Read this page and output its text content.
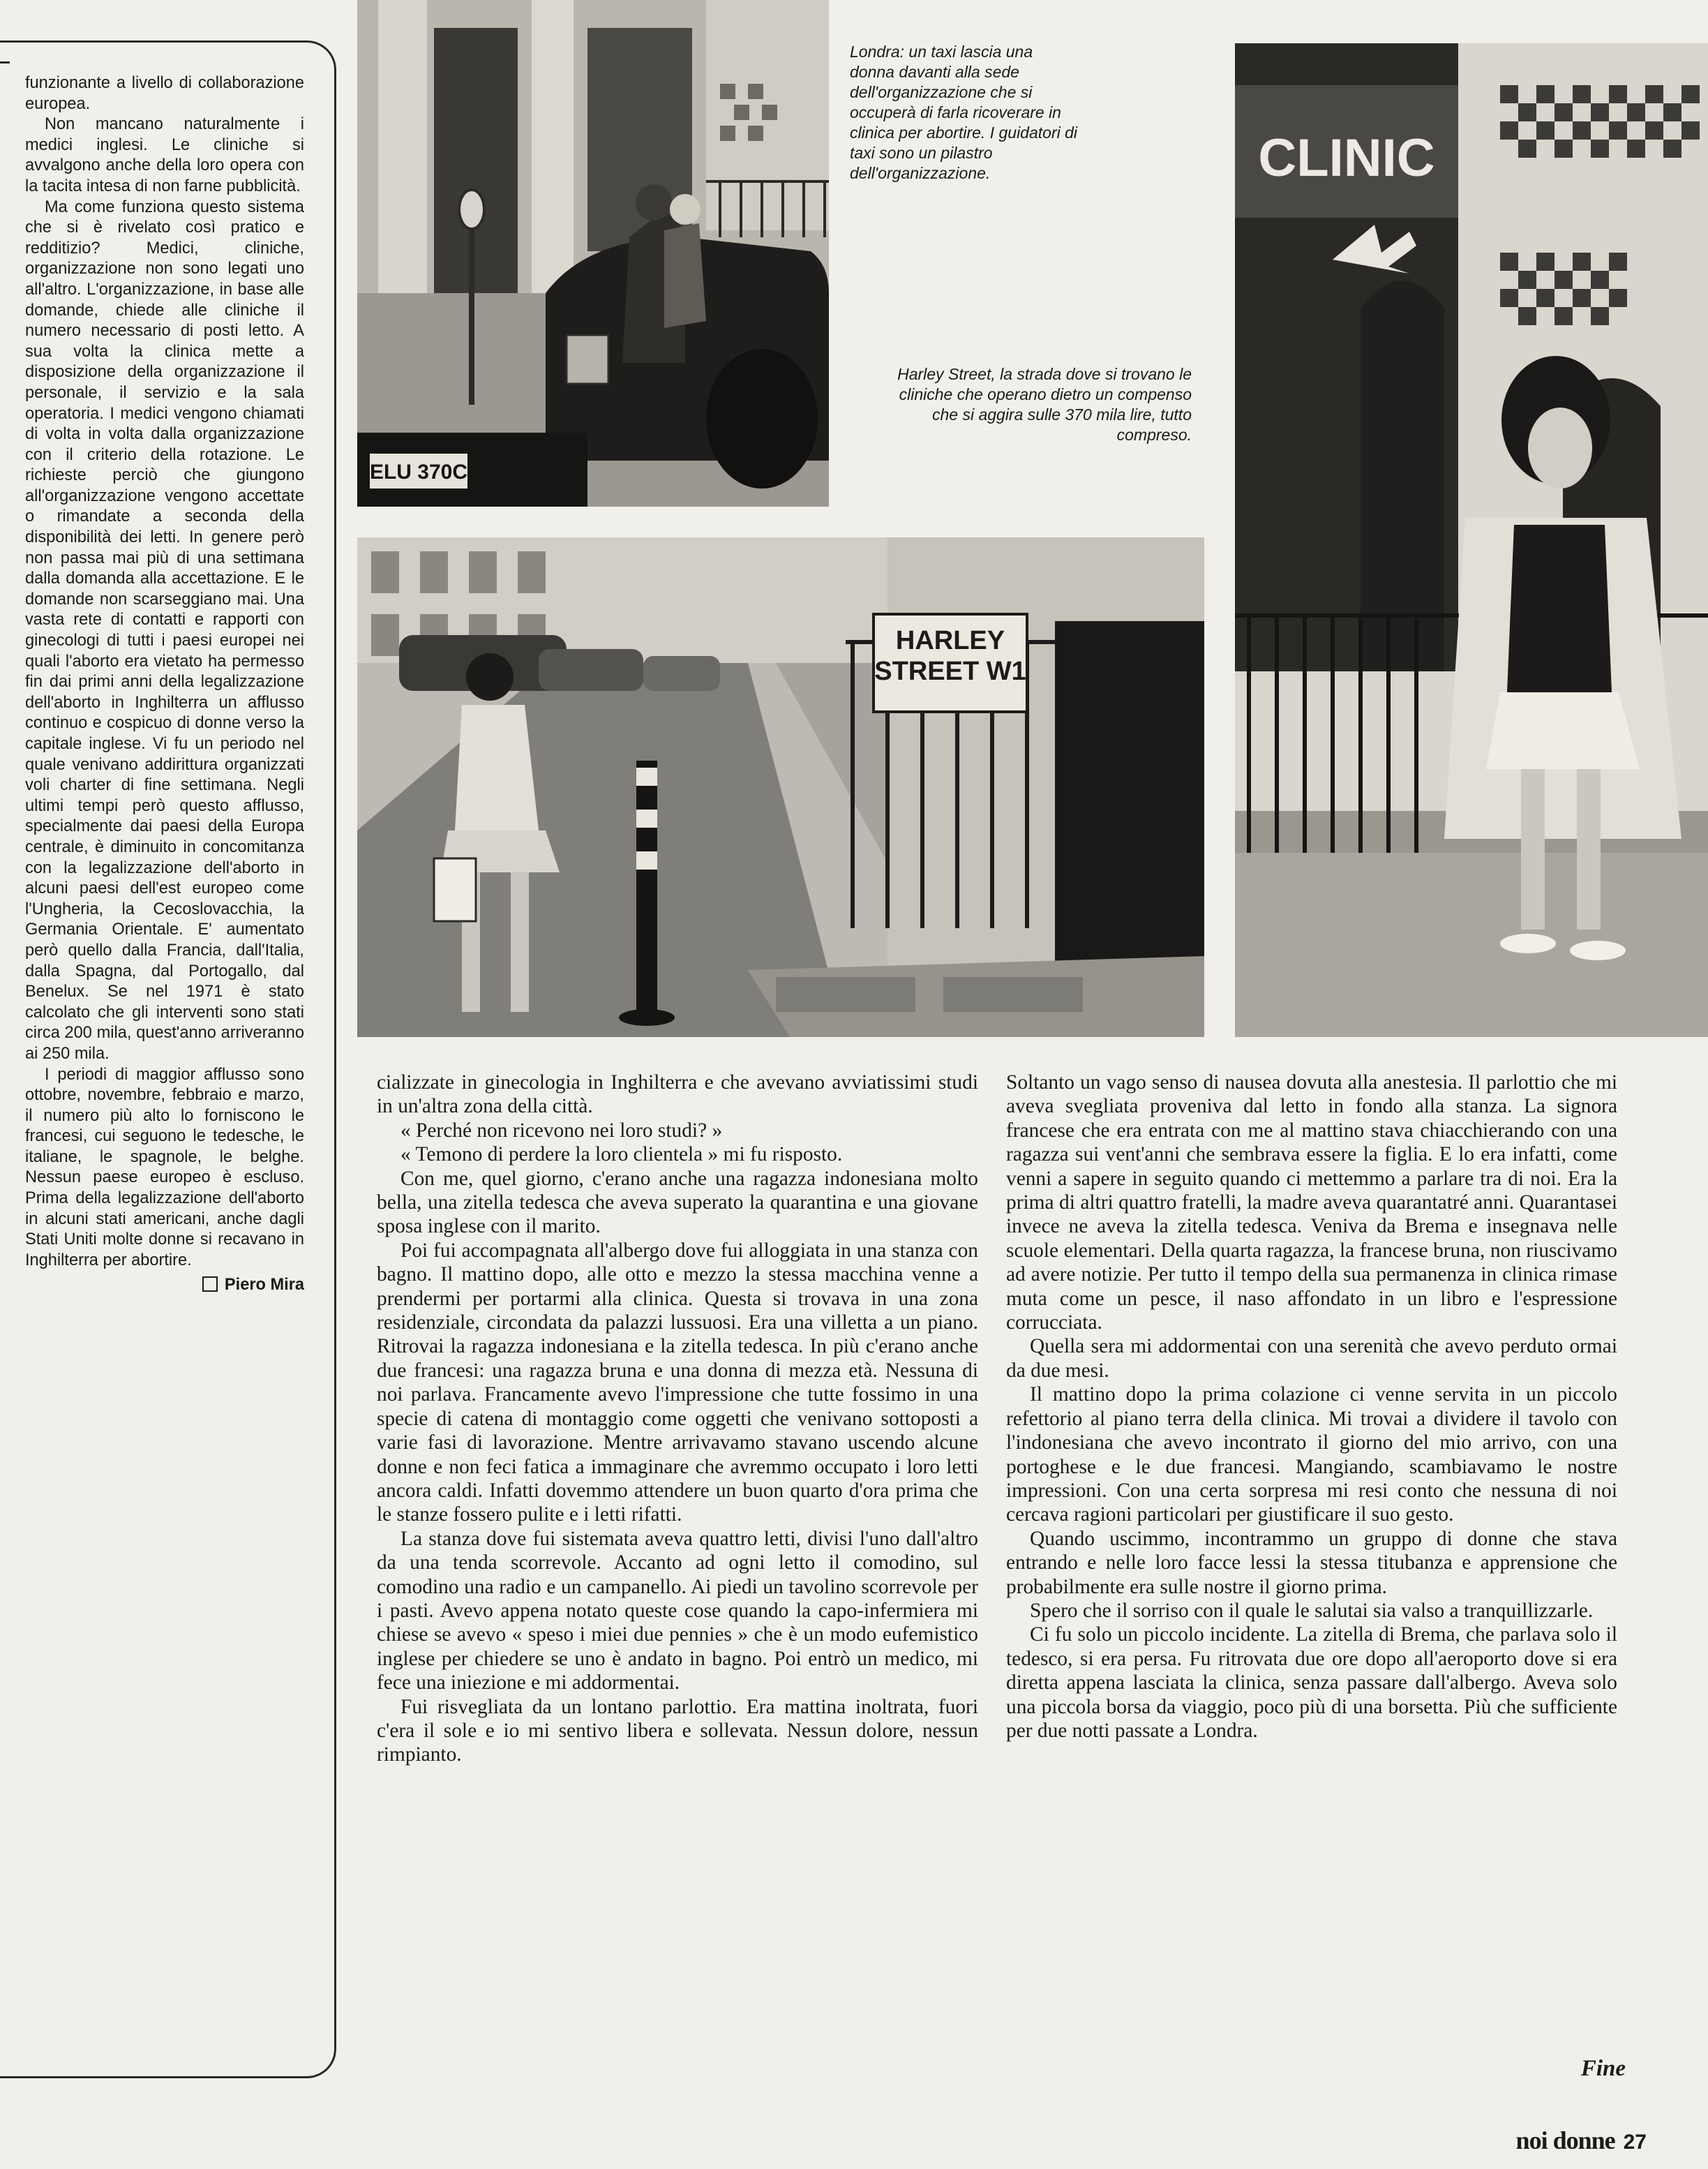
funzionante a livello di collaborazione europea.

Non mancano naturalmente i medici inglesi. Le cliniche si avvalgono anche della loro opera con la tacita intesa di non farne pubblicità.

Ma come funziona questo sistema che si è rivelato così pratico e redditizio? Medici, cliniche, organizzazione non sono legati uno all'altro. L'organizzazione, in base alle domande, chiede alle cliniche il numero necessario di posti letto. A sua volta la clinica mette a disposizione della organizzazione il personale, il servizio e la sala operatoria. I medici vengono chiamati di volta in volta dalla organizzazione con il criterio della rotazione. Le richieste perciò che giungono all'organizzazione vengono accettate o rimandate a seconda della disponibilità dei letti. In genere però non passa mai più di una settimana dalla domanda alla accettazione. E le domande non scarseggiano mai. Una vasta rete di contatti e rapporti con ginecologi di tutti i paesi europei nei quali l'aborto era vietato ha permesso fin dai primi anni della legalizzazione dell'aborto in Inghilterra un afflusso continuo e cospicuo di donne verso la capitale inglese. Vi fu un periodo nel quale venivano addirittura organizzati voli charter di fine settimana. Negli ultimi tempi però questo afflusso, specialmente dai paesi della Europa centrale, è diminuito in concomitanza con la legalizzazione dell'aborto in alcuni paesi dell'est europeo come l'Ungheria, la Cecoslovacchia, la Germania Orientale. E' aumentato però quello dalla Francia, dall'Italia, dalla Spagna, dal Portogallo, dal Benelux. Se nel 1971 è stato calcolato che gli interventi sono stati circa 200 mila, quest'anno arriveranno ai 250 mila.

I periodi di maggior afflusso sono ottobre, novembre, febbraio e marzo, il numero più alto lo forniscono le francesi, cui seguono le tedesche, le italiane, le spagnole, le belghe. Nessun paese europeo è escluso. Prima della legalizzazione dell'aborto in alcuni stati americani, anche dagli Stati Uniti molte donne si recavano in Inghilterra per abortire.

Piero Mira

ELU 370C
Londra: un taxi lascia una donna davanti alla sede dell'organizzazione che si occuperà di farla ricoverare in clinica per abortire. I guidatori di taxi sono un pilastro dell'organizzazione.
HARLEY
STREET W1
Harley Street, la strada dove si trovano le cliniche che operano dietro un compenso che si aggira sulle 370 mila lire, tutto compreso.
CLINIC

cializzate in ginecologia in Inghilterra e che avevano avviatissimi studi in un'altra zona della città.

« Perché non ricevono nei loro studi? »

« Temono di perdere la loro clientela » mi fu risposto.

Con me, quel giorno, c'erano anche una ragazza indonesiana molto bella, una zitella tedesca che aveva superato la quarantina e una giovane sposa inglese con il marito.

Poi fui accompagnata all'albergo dove fui alloggiata in una stanza con bagno. Il mattino dopo, alle otto e mezzo la stessa macchina venne a prendermi per portarmi alla clinica. Questa si trovava in una zona residenziale, circondata da palazzi lussuosi. Era una villetta a un piano. Ritrovai la ragazza indonesiana e la zitella tedesca. In più c'erano anche due francesi: una ragazza bruna e una donna di mezza età. Nessuna di noi parlava. Francamente avevo l'impressione che tutte fossimo in una specie di catena di montaggio come oggetti che venivano sottoposti a varie fasi di lavorazione. Mentre arrivavamo stavano uscendo alcune donne e non feci fatica a immaginare che avremmo occupato i loro letti ancora caldi. Infatti dovemmo attendere un buon quarto d'ora prima che le stanze fossero pulite e i letti rifatti.

La stanza dove fui sistemata aveva quattro letti, divisi l'uno dall'altro da una tenda scorrevole. Accanto ad ogni letto il comodino, sul comodino una radio e un campanello. Ai piedi un tavolino scorrevole per i pasti. Avevo appena notato queste cose quando la capo-infermiera mi chiese se avevo « speso i miei due pennies » che è un modo eufemistico inglese per chiedere se uno è andato in bagno. Poi entrò un medico, mi fece una iniezione e mi addormentai.

Fui risvegliata da un lontano parlottio. Era mattina inoltrata, fuori c'era il sole e io mi sentivo libera e sollevata. Nessun dolore, nessun rimpianto.

Soltanto un vago senso di nausea dovuta alla anestesia. Il parlottio che mi aveva svegliata proveniva dal letto in fondo alla stanza. La signora francese che era entrata con me al mattino stava chiacchierando con una ragazza sui vent'anni che sembrava essere la figlia. E lo era infatti, come venni a sapere in seguito quando ci mettemmo a parlare tra di noi. Era la prima di altri quattro fratelli, la madre aveva quarantatré anni. Quarantasei invece ne aveva la zitella tedesca. Veniva da Brema e insegnava nelle scuole elementari. Della quarta ragazza, la francese bruna, non riuscivamo ad avere notizie. Per tutto il tempo della sua permanenza in clinica rimase muta come un pesce, il naso affondato in un libro e l'espressione corrucciata.

Quella sera mi addormentai con una serenità che avevo perduto ormai da due mesi.

Il mattino dopo la prima colazione ci venne servita in un piccolo refettorio al piano terra della clinica. Mi trovai a dividere il tavolo con l'indonesiana che avevo incontrato il giorno del mio arrivo, con una portoghese e le due francesi. Mangiando, scambiavamo le nostre impressioni. Con una certa sorpresa mi resi conto che nessuna di noi cercava ragioni particolari per giustificare il suo gesto.

Quando uscimmo, incontrammo un gruppo di donne che stava entrando e nelle loro facce lessi la stessa titubanza e apprensione che probabilmente era sulle nostre il giorno prima.

Spero che il sorriso con il quale le salutai sia valso a tranquillizzarle.

Ci fu solo un piccolo incidente. La zitella di Brema, che parlava solo il tedesco, si era persa. Fu ritrovata due ore dopo all'aeroporto dove si era diretta appena lasciata la clinica, senza passare dall'albergo. Aveva solo una piccola borsa da viaggio, poco più di una borsetta. Più che sufficiente per due notti passate a Londra.

Fine
noi donne 27
